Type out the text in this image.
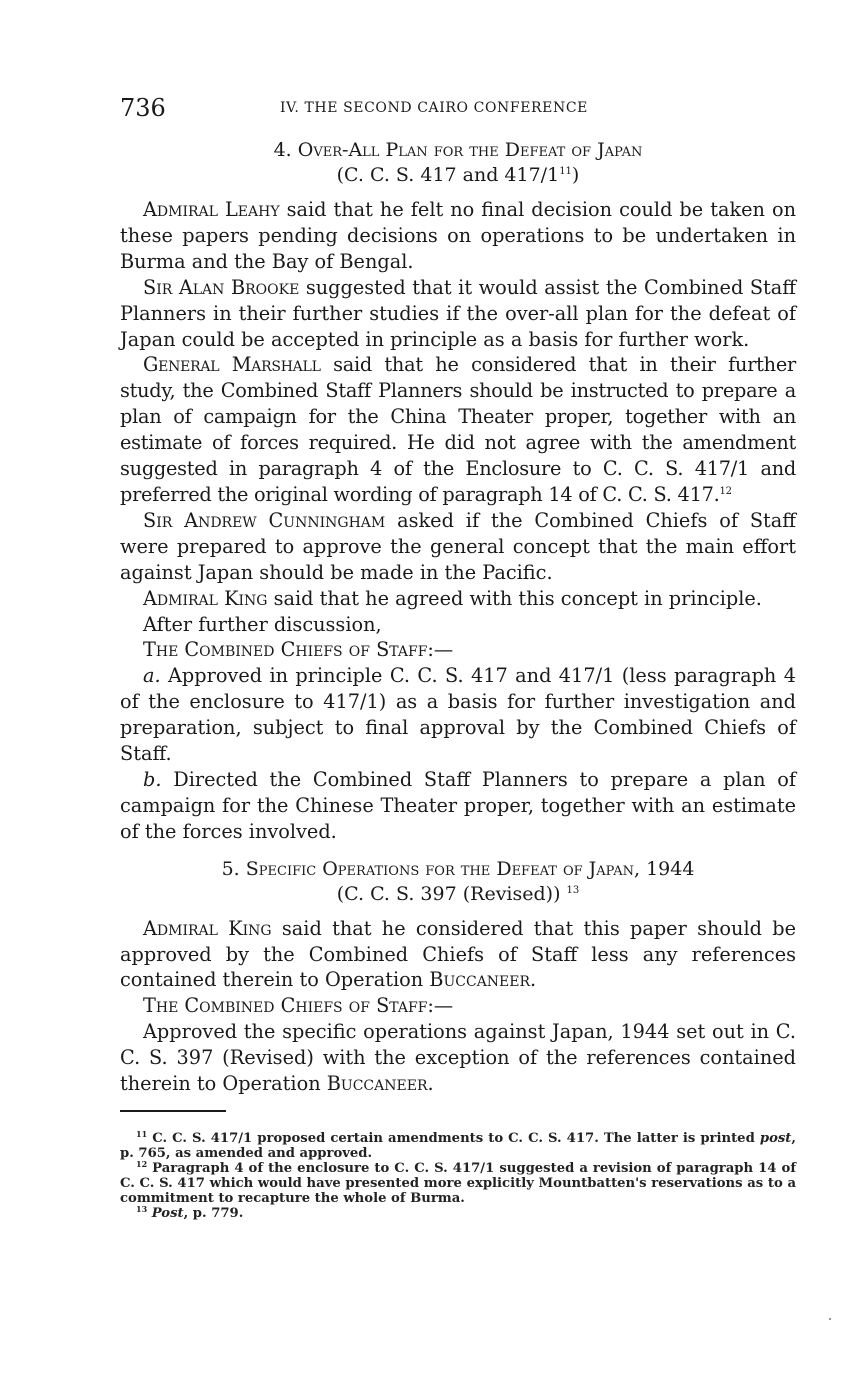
736	IV. THE SECOND CAIRO CONFERENCE
4. Over-All Plan for the Defeat of Japan
(C. C. S. 417 and $417/1^{11}$)

Admiral Leahy said that he felt no final decision could be taken on these papers pending decisions on operations to be undertaken in Burma and the Bay of Bengal.

Sir Alan Brooke suggested that it would assist the Combined Staff Planners in their further studies if the over-all plan for the defeat of Japan could be accepted in principle as a basis for further work.

General Marshall said that he considered that in their further study, the Combined Staff Planners should be instructed to prepare a plan of campaign for the China Theater proper, together with an estimate of forces required. He did not agree with the amendment suggested in paragraph 4 of the Enclosure to C. C. S. 417/1 and preferred the original wording of paragraph 14 of C. C. S. 417.12

Sir Andrew Cunningham asked if the Combined Chiefs of Staff were prepared to approve the general concept that the main effort against Japan should be made in the Pacific.

Admiral King said that he agreed with this concept in principle.

After further discussion,

The Combined Chiefs of Staff:—

a. Approved in principle C. C. S. 417 and 417/1 (less paragraph 4 of the enclosure to 417/1) as a basis for further investigation and preparation, subject to final approval by the Combined Chiefs of Staff.

b. Directed the Combined Staff Planners to prepare a plan of campaign for the Chinese Theater proper, together with an estimate of the forces involved.

5. Specific Operations for the Defeat of Japan, 1944
(C. C. S. 397 (Revised)) $^{13}$

Admiral King said that he considered that this paper should be approved by the Combined Chiefs of Staff less any references contained therein to Operation Buccaneer.

The Combined Chiefs of Staff:—

Approved the specific operations against Japan, 1944 set out in C. C. S. 397 (Revised) with the exception of the references contained therein to Operation Buccaneer.

$^{11}$ C. C. S. 417/1 proposed certain amendments to C. C. S. 417. The latter is printed post, p. 765, as amended and approved.
$^{12}$ Paragraph 4 of the enclosure to C. C. S. 417/1 suggested a revision of paragraph 14 of C. C. S. 417 which would have presented more explicitly Mountbatten's reservations as to a commitment to recapture the whole of Burma.
$^{13}$ Post, p. 779.
